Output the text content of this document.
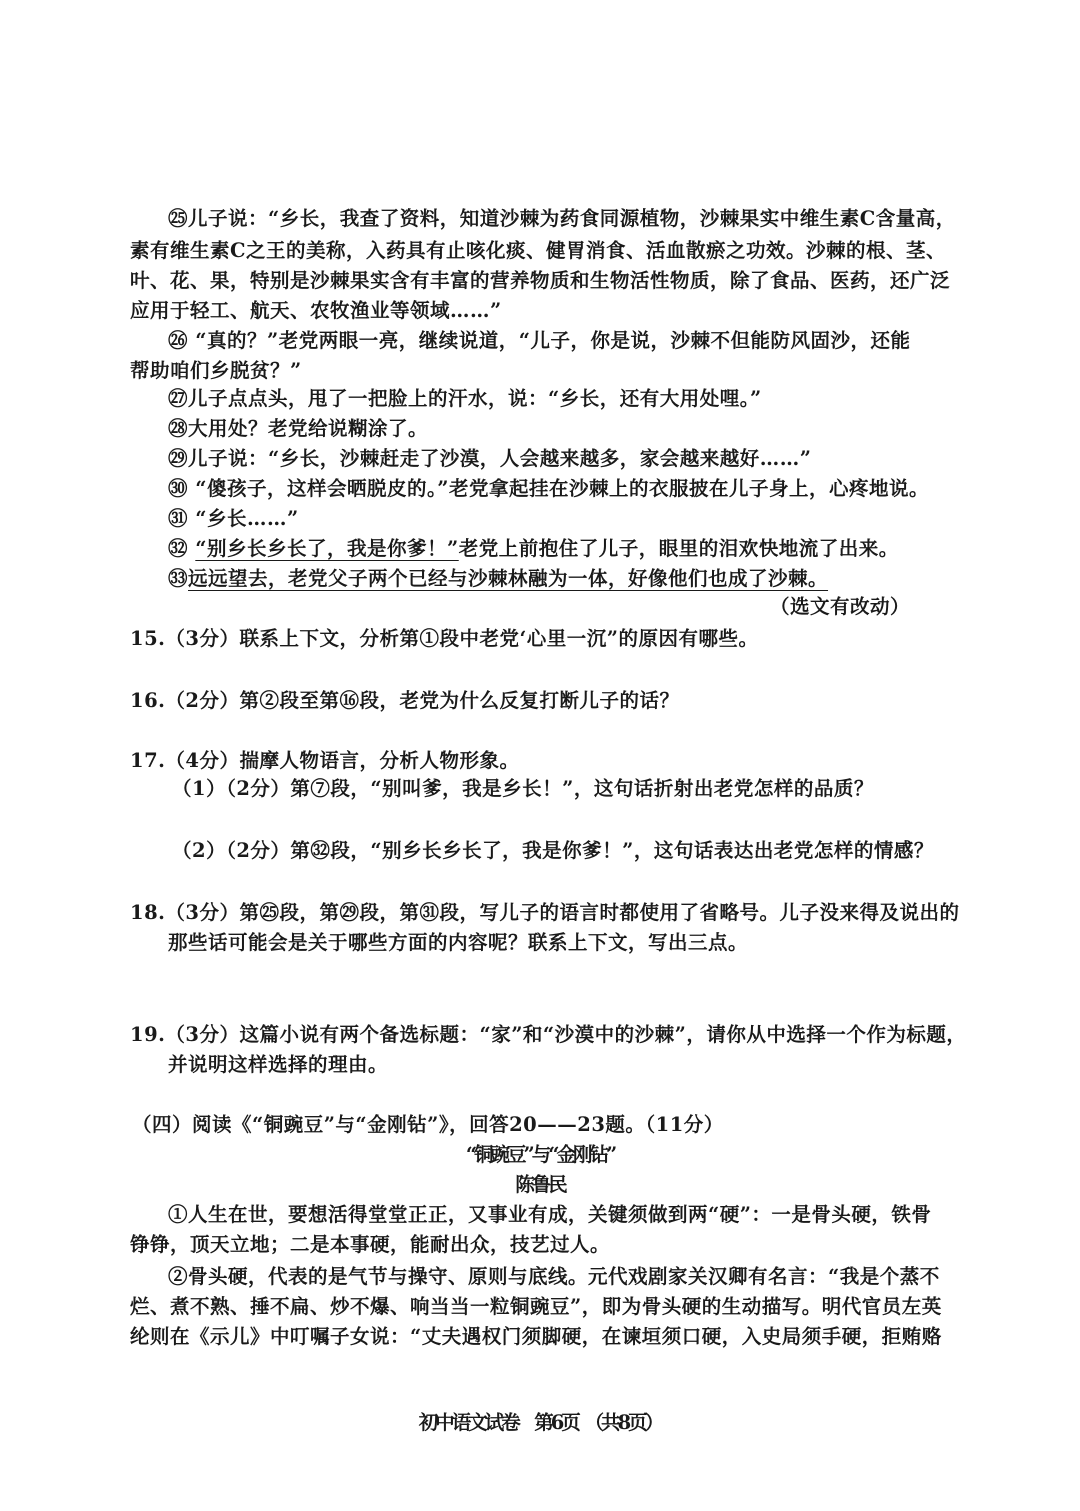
㉕儿子说：“乡长，我查了资料，知道沙棘为药食同源植物，沙棘果实中维生素C含量高，
素有维生素C之王的美称，入药具有止咳化痰、健胃消食、活血散瘀之功效。沙棘的根、茎、
叶、花、果，特别是沙棘果实含有丰富的营养物质和生物活性物质，除了食品、医药，还广泛
应用于轻工、航天、农牧渔业等领域……”
㉖ “真的？”老党两眼一亮，继续说道，“儿子，你是说，沙棘不但能防风固沙，还能
帮助咱们乡脱贫？”
㉗儿子点点头，甩了一把脸上的汗水，说：“乡长，还有大用处哩。”
㉘大用处？老党给说糊涂了。
㉙儿子说：“乡长，沙棘赶走了沙漠，人会越来越多，家会越来越好……”
㉚ “傻孩子，这样会晒脱皮的。”老党拿起挂在沙棘上的衣服披在儿子身上，心疼地说。
㉛ “乡长……”
㉜ “别乡长乡长了，我是你爹！”老党上前抱住了儿子，眼里的泪欢快地流了出来。
㉝远远望去，老党父子两个已经与沙棘林融为一体，好像他们也成了沙棘。
（选文有改动）
15.（3分）联系上下文，分析第①段中老党‘心里一沉”的原因有哪些。
16.（2分）第②段至第⑯段，老党为什么反复打断儿子的话？
17.（4分）揣摩人物语言，分析人物形象。
（1）（2分）第⑦段，“别叫爹，我是乡长！”，这句话折射出老党怎样的品质？
（2）（2分）第㉜段，“别乡长乡长了，我是你爹！”，这句话表达出老党怎样的情感？
18.（3分）第㉕段，第㉙段，第㉛段，写儿子的语言时都使用了省略号。儿子没来得及说出的
那些话可能会是关于哪些方面的内容呢？联系上下文，写出三点。
19.（3分）这篇小说有两个备选标题：“家”和“沙漠中的沙棘”，请你从中选择一个作为标题，
并说明这样选择的理由。
（四）阅读《“铜豌豆”与“金刚钻”》，回答20——23题。（11分）
“铜豌豆”与“金刚钻”
陈鲁民
①人生在世，要想活得堂堂正正，又事业有成，关键须做到两“硬”：一是骨头硬，铁骨
铮铮，顶天立地；二是本事硬，能耐出众，技艺过人。
②骨头硬，代表的是气节与操守、原则与底线。元代戏剧家关汉卿有名言：“我是个蒸不
烂、煮不熟、捶不扁、炒不爆、响当当一粒铜豌豆”，即为骨头硬的生动描写。明代官员左英
纶则在《示儿》中叮嘱子女说：“丈夫遇权门须脚硬，在谏垣须口硬，入史局须手硬，拒贿赂
初中语文试卷　第6页　（共8页）
